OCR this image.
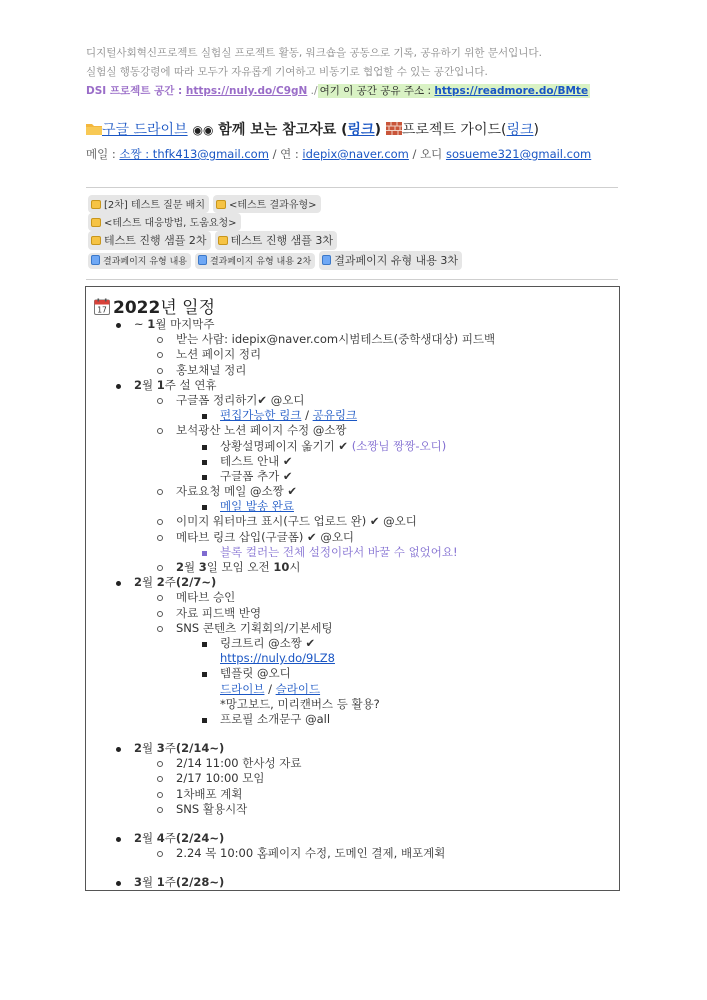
디지털사회혁신프로젝트 실험실 프로젝트 활동, 워크숍을 공동으로 기록, 공유하기 위한 문서입니다.
실험실 행동강령에 따라 모두가 자유롭게 기여하고 비동기로 협업할 수 있는 공간입니다.
DSI 프로젝트 공간 : https://nuly.do/C9gN ./ 여기 이 공간 공유 주소 : https://readmore.do/BMte
구글 드라이브 ◉◉ 함께 보는 참고자료 (링크) 프로젝트 가이드(링크)
메일 : 소짱 : thfk413@gmail.com / 연 : idepix@naver.com / 오디 sosueme321@gmail.com
[2차] 테스트 질문 배치 <테스트 결과유형>
<테스트 대응방법, 도움요청>
테스트 진행 샘플 2차 테스트 진행 샘플 3차
결과페이지 유형 내용	결과페이지 유형 내용 2차 결과페이지 유형 내용 3차
17 2022년 일정
~ 1월 마지막주
받는 사람: idepix@naver.com시범테스트(중학생대상) 피드백
노션 페이지 정리
홍보채널 정리
2월 1주 설 연휴
구글폼 정리하기✔ @오디
편집가능한 링크 / 공유링크
보석광산 노션 페이지 수정 @소짱
상황설명페이지 옮기기 ✔ (소짱님 짱짱-오디)
테스트 안내 ✔
구글폼 추가 ✔
자료요청 메일 @소짱 ✔
메일 발송 완료
이미지 워터마크 표시(구드 업로드 완) ✔ @오디
메타브 링크 삽입(구글폼) ✔ @오디
블록 컬러는 전체 설정이라서 바꿀 수 없었어요!
2월 3일 모임 오전 10시
2월 2주(2/7~)
메타브 승인
자료 피드백 반영
SNS 콘텐츠 기획회의/기본세팅
링크트리 @소짱 ✔
https://nuly.do/9LZ8
템플릿 @오디
드라이브 / 슬라이드
*망고보드, 미리캔버스 등 활용?
프로필 소개문구 @all
2월 3주(2/14~)
2/14 11:00 한사성 자료
2/17 10:00 모임
1차배포 계획
SNS 활용시작
2월 4주(2/24~)
2.24 목 10:00 홈페이지 수정, 도메인 결제, 배포계획
3월 1주(2/28~)
